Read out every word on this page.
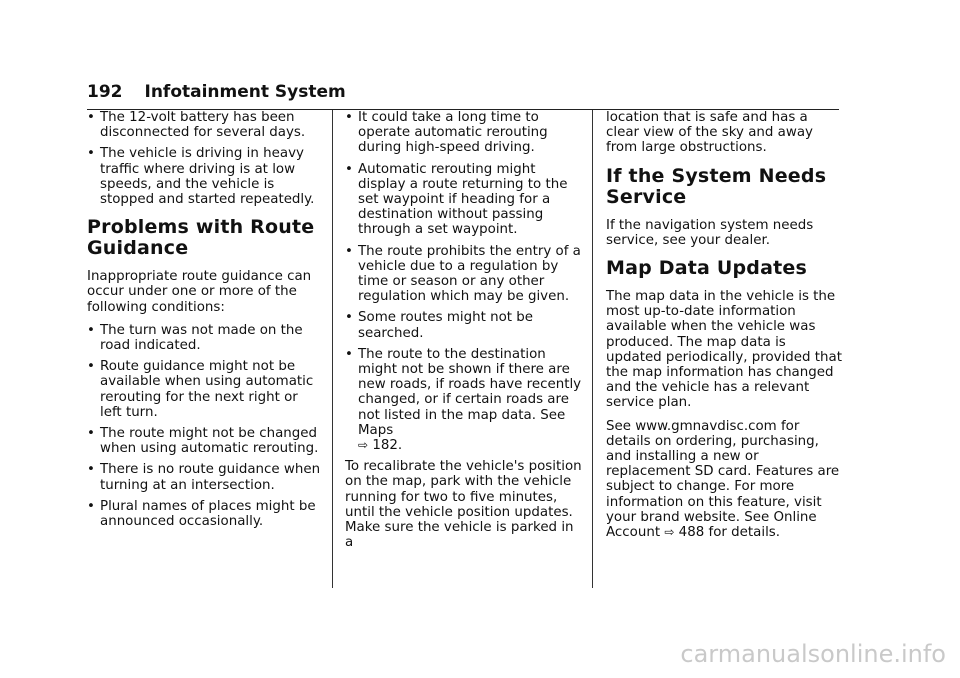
192 Infotainment System
• The 12-volt battery has been disconnected for several days.
• The vehicle is driving in heavy traffic where driving is at low speeds, and the vehicle is stopped and started repeatedly.
Problems with Route Guidance

Inappropriate route guidance can occur under one or more of the following conditions:

• The turn was not made on the road indicated.
• Route guidance might not be available when using automatic rerouting for the next right or left turn.
• The route might not be changed when using automatic rerouting.
• There is no route guidance when turning at an intersection.
• Plural names of places might be announced occasionally.
• It could take a long time to operate automatic rerouting during high-speed driving.
• Automatic rerouting might display a route returning to the set waypoint if heading for a destination without passing through a set waypoint.
• The route prohibits the entry of a vehicle due to a regulation by time or season or any other regulation which may be given.
• Some routes might not be searched.
• The route to the destination might not be shown if there are new roads, if roads have recently changed, or if certain roads are not listed in the map data. See Maps
⇨ 182.

To recalibrate the vehicle's position on the map, park with the vehicle running for two to five minutes, until the vehicle position updates. Make sure the vehicle is parked in a

location that is safe and has a clear view of the sky and away from large obstructions.

If the System Needs Service

If the navigation system needs service, see your dealer.

Map Data Updates

The map data in the vehicle is the most up-to-date information available when the vehicle was produced. The map data is updated periodically, provided that the map information has changed and the vehicle has a relevant service plan.

See www.gmnavdisc.com for details on ordering, purchasing, and installing a new or replacement SD card. Features are subject to change. For more information on this feature, visit your brand website. See Online Account ⇨ 488 for details.

carmanualsonline.info
